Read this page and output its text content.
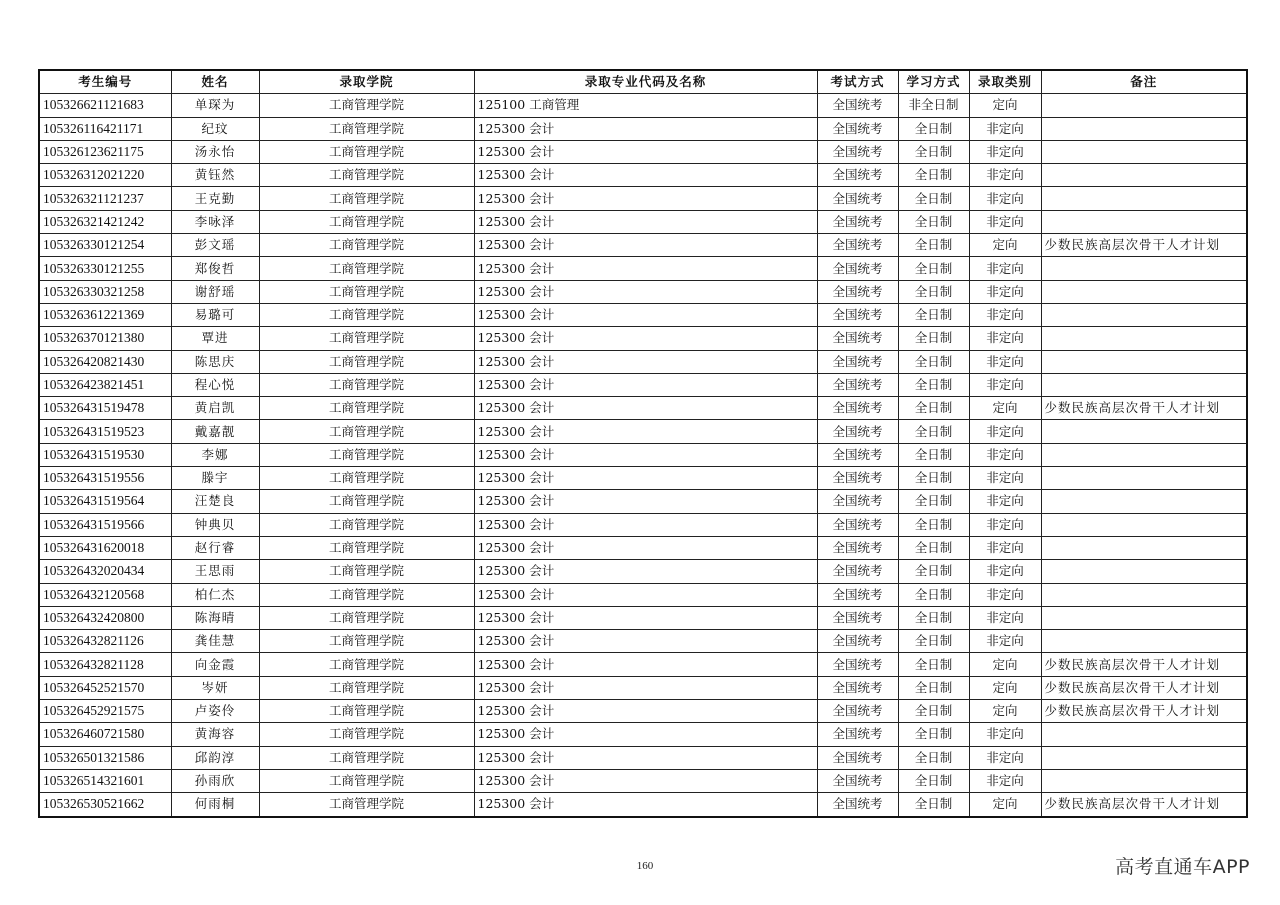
考生编号	姓名	录取学院	录取专业代码及名称	考试方式	学习方式	录取类别	备注
105326621121683	单琛为	工商管理学院	125100 工商管理	全国统考	非全日制	定向	
105326116421171	纪玟	工商管理学院	125300 会计	全国统考	全日制	非定向	
105326123621175	汤永怡	工商管理学院	125300 会计	全国统考	全日制	非定向	
105326312021220	黄钰然	工商管理学院	125300 会计	全国统考	全日制	非定向	
105326321121237	王克勤	工商管理学院	125300 会计	全国统考	全日制	非定向	
105326321421242	李咏泽	工商管理学院	125300 会计	全国统考	全日制	非定向	
105326330121254	彭文瑶	工商管理学院	125300 会计	全国统考	全日制	定向	少数民族高层次骨干人才计划
105326330121255	郑俊哲	工商管理学院	125300 会计	全国统考	全日制	非定向	
105326330321258	谢舒瑶	工商管理学院	125300 会计	全国统考	全日制	非定向	
105326361221369	易璐可	工商管理学院	125300 会计	全国统考	全日制	非定向	
105326370121380	覃进	工商管理学院	125300 会计	全国统考	全日制	非定向	
105326420821430	陈思庆	工商管理学院	125300 会计	全国统考	全日制	非定向	
105326423821451	程心悦	工商管理学院	125300 会计	全国统考	全日制	非定向	
105326431519478	黄启凯	工商管理学院	125300 会计	全国统考	全日制	定向	少数民族高层次骨干人才计划
105326431519523	戴嘉靓	工商管理学院	125300 会计	全国统考	全日制	非定向	
105326431519530	李娜	工商管理学院	125300 会计	全国统考	全日制	非定向	
105326431519556	滕宇	工商管理学院	125300 会计	全国统考	全日制	非定向	
105326431519564	汪楚良	工商管理学院	125300 会计	全国统考	全日制	非定向	
105326431519566	钟典贝	工商管理学院	125300 会计	全国统考	全日制	非定向	
105326431620018	赵行睿	工商管理学院	125300 会计	全国统考	全日制	非定向	
105326432020434	王思雨	工商管理学院	125300 会计	全国统考	全日制	非定向	
105326432120568	柏仁杰	工商管理学院	125300 会计	全国统考	全日制	非定向	
105326432420800	陈海晴	工商管理学院	125300 会计	全国统考	全日制	非定向	
105326432821126	龚佳慧	工商管理学院	125300 会计	全国统考	全日制	非定向	
105326432821128	向金霞	工商管理学院	125300 会计	全国统考	全日制	定向	少数民族高层次骨干人才计划
105326452521570	岑妍	工商管理学院	125300 会计	全国统考	全日制	定向	少数民族高层次骨干人才计划
105326452921575	卢姿伶	工商管理学院	125300 会计	全国统考	全日制	定向	少数民族高层次骨干人才计划
105326460721580	黄海容	工商管理学院	125300 会计	全国统考	全日制	非定向	
105326501321586	邱韵淳	工商管理学院	125300 会计	全国统考	全日制	非定向	
105326514321601	孙雨欣	工商管理学院	125300 会计	全国统考	全日制	非定向	
105326530521662	何雨桐	工商管理学院	125300 会计	全国统考	全日制	定向	少数民族高层次骨干人才计划
160	高考直通车APP
